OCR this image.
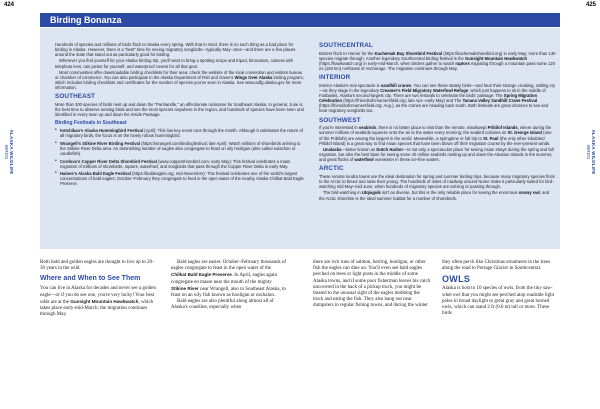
424	425
ALASKA WILDLIFE
BIRDS	ALASKA WILDLIFE
BIRDS
Birding Bonanza

Hundreds of species and millions of birds flock to Alaska every spring. With that in mind, there is no such thing as a bad place for birding in Alaska. However, there is a "best" time for seeing migratory songbirds—typically May–June—and there are a few places around the state that stand out as particularly good for birding.

Wherever you find yourself for your Alaska birding trip, you'll want to bring a spotting scope and tripod, binoculars, camera with telephoto lens, rain jacket for yourself, and waterproof covers for all that gear.

Most communities offer downloadable birding checklists for their area: check the website of the local convention and visitors bureau or chamber of commerce. You can also participate in the Alaska Department of Fish and Game's Wings Over Alaska birding program, which includes birding checklists and certificates for the number of species you've seen in Alaska. See www.adfg.alaska.gov for more information.

SOUTHEAST

More than 300 species of birds nest up and down the "Panhandle," an affectionate nickname for Southeast Alaska. In general, June is the best time to observe nesting birds and see the most species anywhere in the region, and hundreds of species have been seen and identified in every town up and down the Inside Passage.

Birding Festivals in Southeast
• Ketchikan's Alaska Hummingbird Festival (April): This low-key event runs through the month. Although it celebrates the return of all migratory birds, the focus is on the lovely rufous hummingbird.
• Wrangell's Stikine River Birding Festival (https://wrangell.com/birdingfestival; late April): Watch millions of shorebirds arriving to the Stikine River Delta area. An astonishing number of eagles also congregate to feast on oily hooligan (also called eulachon or candlefish).
• Cordova's Copper River Delta Shorebird Festival (www.coppershorebird.com; early May): This festival celebrates a mass migration of millions of shorebirds, raptors, waterfowl, and songbirds that pass through the Copper River Delta in early May.
• Haines's Alaska Bald Eagle Festival (https://baldeagles.org; mid-November): This festival celebrates one of the world's largest concentrations of bald eagles; October–February they congregate to feed in the open water of the nearby Alaska Chilkat Bald Eagle Preserve.
SOUTHCENTRAL

Birders flock to Homer for the Kachemak Bay Shorebird Festival (https://kachemakshorebird.org) in early May; more than 130 species migrate through. Another legendary Southcentral birding festival is the Gunsight Mountain Hawkwatch (https://hawkwatch.org) in early-mid-March, when birders gather to watch raptors migrating through a mountain pass some 120 mi (193 km) northeast of Anchorage. The migration continues through May.

INTERIOR

Interior Alaska's real spectacle is sandhill cranes. You can see these stately birds—and hear their strange croaking, rattling cry—as they stage in the legendary Creamer's Field Migratory Waterfowl Refuge, which just happens to sit in the middle of Fairbanks, Alaska's second-largest city. There are two festivals to celebrate the birds' passage: The Spring Migration Celebration (https://friendsofcreamersfield.org; late Apr.–early May) and The Tanana Valley Sandhill Crane Festival (https://friendsofcreamersfield.org; Aug.), as the cranes are heading back south. Both festivals are great chances to see and hear migratory songbirds too.

SOUTHWEST

If you're interested in seabirds, there is no better place to visit than the remote, windswept Pribilof Islands, where during the summer millions of seabirds squeeze onto the air or the water every morning; the seabird colonies on St. George Island (one of the Pribilofs) are among the largest in the world. Meanwhile, a springtime or fall trip to St. Paul (the only other inhabited Pribilof Island) is a great way to find Asian species that have been blown off their migration course by the ever-present winds.

Unalaska—better known as Dutch Harbor—is not only a spectacular place for seeing Asian strays during the spring and fall migration, but also the best base for seeing some 40 million seabirds nesting up and down the Aleutian Islands in the summer, and great flocks of waterfowl overwinter in these ice-free waters.

ARCTIC

These remote tundra towns are the ideal destination for spring and summer birding trips, because many migratory species flock to the Arctic to breed and raise their young. The hundreds of miles of roadway around Nome make it particularly suited for bird-watching mid-May–mid-June, when hundreds of migratory species are arriving or passing through.

The bird-watching in Utqiagvik isn't as diverse, but this is the only reliable place for seeing the enormous snowy owl, and the Arctic shoreline is the ideal summer habitat for a number of shorebirds.

Both bald and golden eagles are thought to live up to 20–30 years in the wild.

Where and When to See Them

You can live in Alaska for decades and never see a golden eagle—or if you do see one, you're very lucky! Your best odds are at the Gunsight Mountain Hawkwatch, which takes place early-mid-March; the migration continues through May.

Bald eagles are easier. October–February thousands of eagles congregate to feast in the open water of the Chilkat Bald Eagle Preserve. In April, eagles again congregate en masse near the mouth of the mighty Stikine River near Wrangell, also in Southeast Alaska, to feast on an oily fish known as hooligan or eachalon.

Bald eagles are also plentiful along almost all of Alaska's coastline, especially when

there are rich runs of salmon, herring, hooligan, or other fish the eagles can dine on. You'll even see bald eagles perched on trees or light posts in the middle of some Alaska towns, and if some poor fisherman leaves his catch uncovered in the back of a pickup truck, you might be treated to the unusual sight of the eagles mobbing the truck and eating the fish. They also hang out near dumpsters in regular fishing towns, and during the winter

they often perch like Christmas ornaments in the trees along the road to Portage Glacier in Southcentral.

OWLS

Alaska is host to 10 species of owls, from the tiny saw-whet owl that you might see perched atop roadside light poles in broad daylight to great gray and great horned owls, which can stand 2 ft (0.6 m) tall or more. These birds
